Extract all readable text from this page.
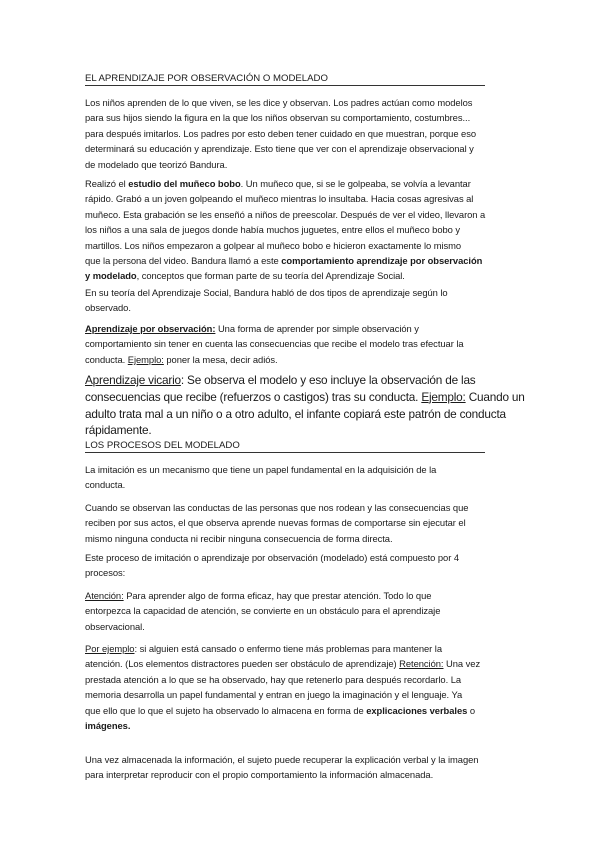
EL APRENDIZAJE POR OBSERVACIÓN O MODELADO
Los niños aprenden de lo que viven, se les dice y observan. Los padres actúan como modelos
para sus hijos siendo la figura en la que los niños observan su comportamiento, costumbres...
para después imitarlos. Los padres por esto deben tener cuidado en que muestran, porque eso
determinará su educación y aprendizaje. Esto tiene que ver con el aprendizaje observacional y
de modelado que teorizó Bandura.
Realizó el estudio del muñeco bobo. Un muñeco que, si se le golpeaba, se volvía a levantar
rápido. Grabó a un joven golpeando el muñeco mientras lo insultaba. Hacia cosas agresivas al
muñeco. Esta grabación se les enseñó a niños de preescolar. Después de ver el video, llevaron a
los niños a una sala de juegos donde había muchos juguetes, entre ellos el muñeco bobo y
martillos. Los niños empezaron a golpear al muñeco bobo e hicieron exactamente lo mismo
que la persona del video. Bandura llamó a este comportamiento aprendizaje por observación
y modelado, conceptos que forman parte de su teoría del Aprendizaje Social.
En su teoría del Aprendizaje Social, Bandura habló de dos tipos de aprendizaje según lo
observado.
Aprendizaje por observación: Una forma de aprender por simple observación y
comportamiento sin tener en cuenta las consecuencias que recibe el modelo tras efectuar la
conducta. Ejemplo: poner la mesa, decir adiós.
Aprendizaje vicario: Se observa el modelo y eso incluye la observación de las
consecuencias que recibe (refuerzos o castigos) tras su conducta. Ejemplo: Cuando un
adulto trata mal a un niño o a otro adulto, el infante copiará este patrón de conducta
rápidamente.
LOS PROCESOS DEL MODELADO
La imitación es un mecanismo que tiene un papel fundamental en la adquisición de la
conducta.
Cuando se observan las conductas de las personas que nos rodean y las consecuencias que
reciben por sus actos, el que observa aprende nuevas formas de comportarse sin ejecutar el
mismo ninguna conducta ni recibir ninguna consecuencia de forma directa.
Este proceso de imitación o aprendizaje por observación (modelado) está compuesto por 4
procesos:
Atención: Para aprender algo de forma eficaz, hay que prestar atención. Todo lo que
entorpezca la capacidad de atención, se convierte en un obstáculo para el aprendizaje
observacional.
Por ejemplo: si alguien está cansado o enfermo tiene más problemas para mantener la
atención. (Los elementos distractores pueden ser obstáculo de aprendizaje) Retención: Una vez
prestada atención a lo que se ha observado, hay que retenerlo para después recordarlo. La
memoria desarrolla un papel fundamental y entran en juego la imaginación y el lenguaje. Ya
que ello que lo que el sujeto ha observado lo almacena en forma de explicaciones verbales o
imágenes.
Una vez almacenada la información, el sujeto puede recuperar la explicación verbal y la imagen
para interpretar reproducir con el propio comportamiento la información almacenada.
